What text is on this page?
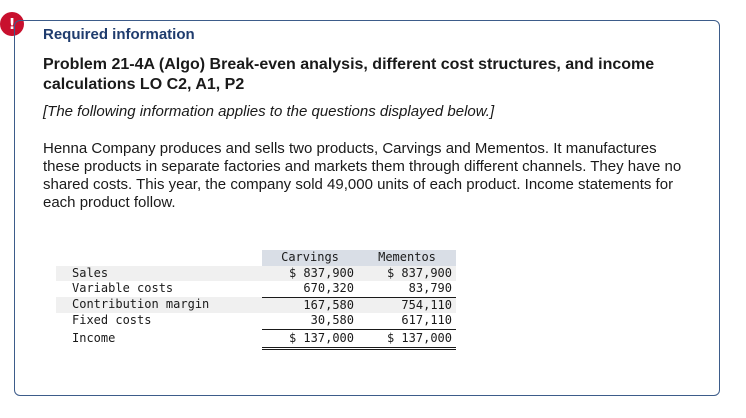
!
Required information
Problem 21-4A (Algo) Break-even analysis, different cost structures, and income calculations LO C2, A1, P2
[The following information applies to the questions displayed below.]
Henna Company produces and sells two products, Carvings and Mementos. It manufactures these products in separate factories and markets them through different channels. They have no shared costs. This year, the company sold 49,000 units of each product. Income statements for each product follow.
	Carvings	Mementos
Sales	$ 837,900	$ 837,900
Variable costs	670,320	83,790
Contribution margin	167,580	754,110
Fixed costs	30,580	617,110
Income	$ 137,000	$ 137,000
